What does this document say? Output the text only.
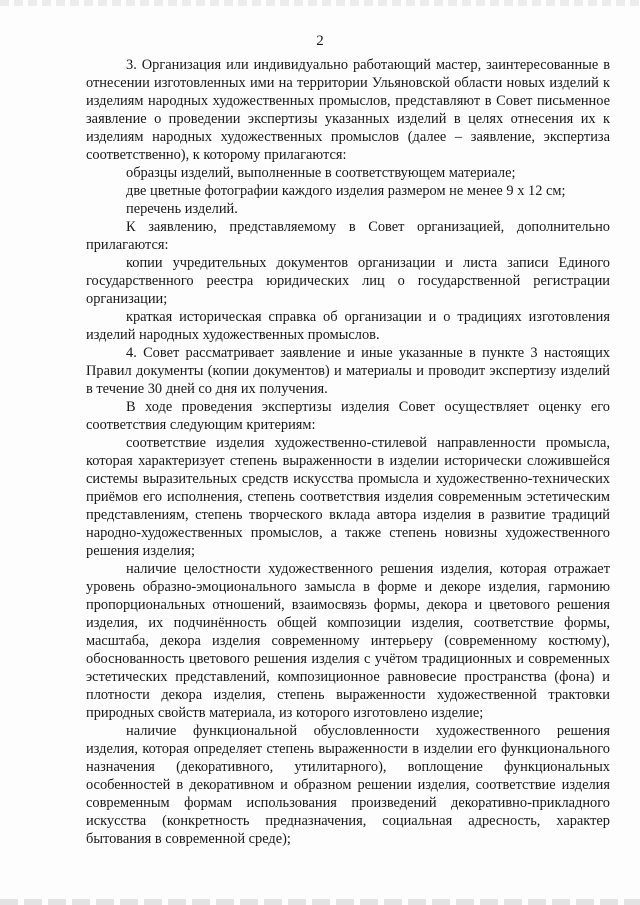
2

3. Организация или индивидуально работающий мастер, заинтересованные в отнесении изготовленных ими на территории Ульяновской области новых изделий к изделиям народных художественных промыслов, представляют в Совет письменное заявление о проведении экспертизы указанных изделий в целях отнесения их к изделиям народных художественных промыслов (далее – заявление, экспертиза соответственно), к которому прилагаются:

образцы изделий, выполненные в соответствующем материале;

две цветные фотографии каждого изделия размером не менее 9 х 12 см;

перечень изделий.

К заявлению, представляемому в Совет организацией, дополнительно прилагаются:

копии учредительных документов организации и листа записи Единого государственного реестра юридических лиц о государственной регистрации организации;

краткая историческая справка об организации и о традициях изготовления изделий народных художественных промыслов.

4. Совет рассматривает заявление и иные указанные в пункте 3 настоящих Правил документы (копии документов) и материалы и проводит экспертизу изделий в течение 30 дней со дня их получения.

В ходе проведения экспертизы изделия Совет осуществляет оценку его соответствия следующим критериям:

соответствие изделия художественно-стилевой направленности промысла, которая характеризует степень выраженности в изделии исторически сложившейся системы выразительных средств искусства промысла и художественно-технических приёмов его исполнения, степень соответствия изделия современным эстетическим представлениям, степень творческого вклада автора изделия в развитие традиций народно-художественных промыслов, а также степень новизны художественного решения изделия;

наличие целостности художественного решения изделия, которая отражает уровень образно-эмоционального замысла в форме и декоре изделия, гармонию пропорциональных отношений, взаимосвязь формы, декора и цветового решения изделия, их подчинённость общей композиции изделия, соответствие формы, масштаба, декора изделия современному интерьеру (современному костюму), обоснованность цветового решения изделия с учётом традиционных и современных эстетических представлений, композиционное равновесие пространства (фона) и плотности декора изделия, степень выраженности художественной трактовки природных свойств материала, из которого изготовлено изделие;

наличие функциональной обусловленности художественного решения изделия, которая определяет степень выраженности в изделии его функционального назначения (декоративного, утилитарного), воплощение функциональных особенностей в декоративном и образном решении изделия, соответствие изделия современным формам использования произведений декоративно-прикладного искусства (конкретность предназначения, социальная адресность, характер бытования в современной среде);
